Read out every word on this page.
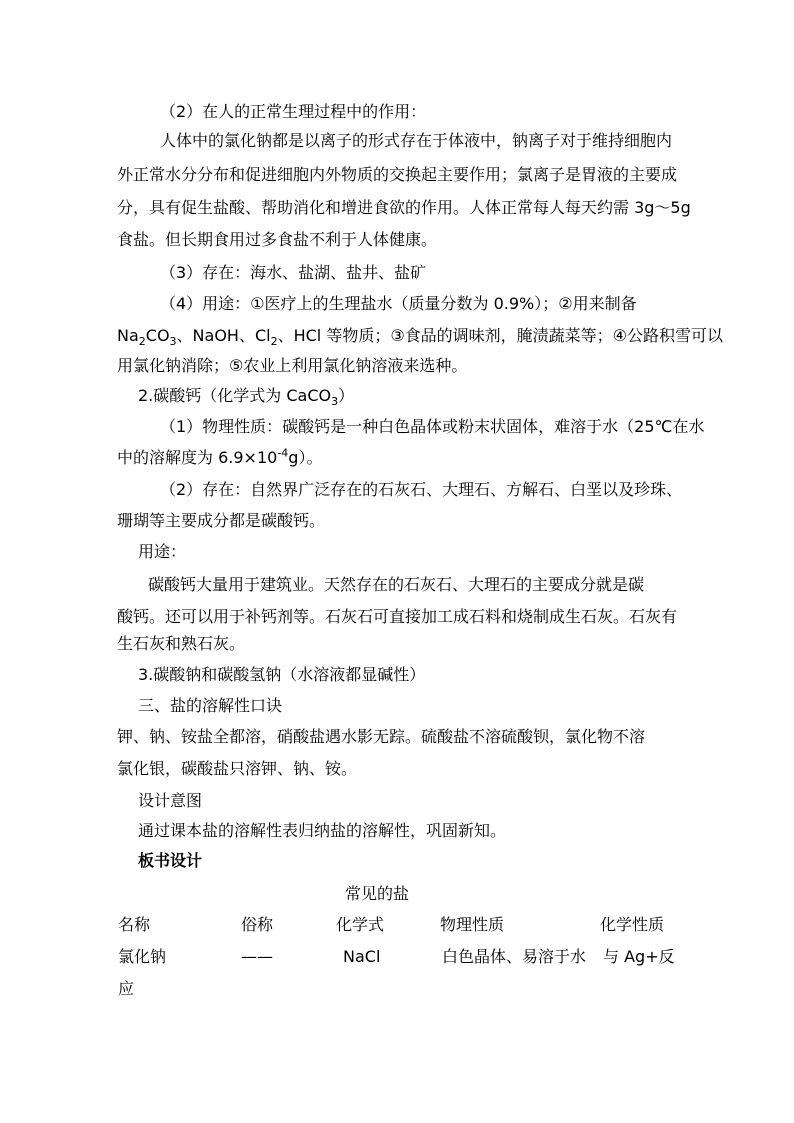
（2）在人的正常生理过程中的作用：
人体中的氯化钠都是以离子的形式存在于体液中，钠离子对于维持细胞内
外正常水分分布和促进细胞内外物质的交换起主要作用；氯离子是胃液的主要成
分，具有促生盐酸、帮助消化和增进食欲的作用。人体正常每人每天约需 3g～5g
食盐。但长期食用过多食盐不利于人体健康。
（3）存在：海水、盐湖、盐井、盐矿
（4）用途：①医疗上的生理盐水（质量分数为 0.9%）；②用来制备
$Na_2CO_3$、NaOH、$Cl_2$、HCl 等物质；③食品的调味剂，腌渍蔬菜等；④公路积雪可以
用氯化钠消除；⑤农业上利用氯化钠溶液来选种。
2.碳酸钙（化学式为 CaCO$_3$）
（1）物理性质：碳酸钙是一种白色晶体或粉末状固体，难溶于水（25℃在水
中的溶解度为 $6.9\times 10^{-4}g$）。
（2）存在：自然界广泛存在的石灰石、大理石、方解石、白垩以及珍珠、
珊瑚等主要成分都是碳酸钙。
用途：
碳酸钙大量用于建筑业。天然存在的石灰石、大理石的主要成分就是碳
酸钙。还可以用于补钙剂等。石灰石可直接加工成石料和烧制成生石灰。石灰有
生石灰和熟石灰。
3.碳酸钠和碳酸氢钠（水溶液都显碱性）
三、盐的溶解性口诀
钾、钠、铵盐全都溶，硝酸盐遇水影无踪。硫酸盐不溶硫酸钡，氯化物不溶
氯化银，碳酸盐只溶钾、钠、铵。
设计意图
通过课本盐的溶解性表归纳盐的溶解性，巩固新知。
板书设计
常见的盐
名称	俗称	化学式	物理性质	化学性质
氯化钠	——	NaCl	白色晶体、易溶于水 与 Ag+反
应
